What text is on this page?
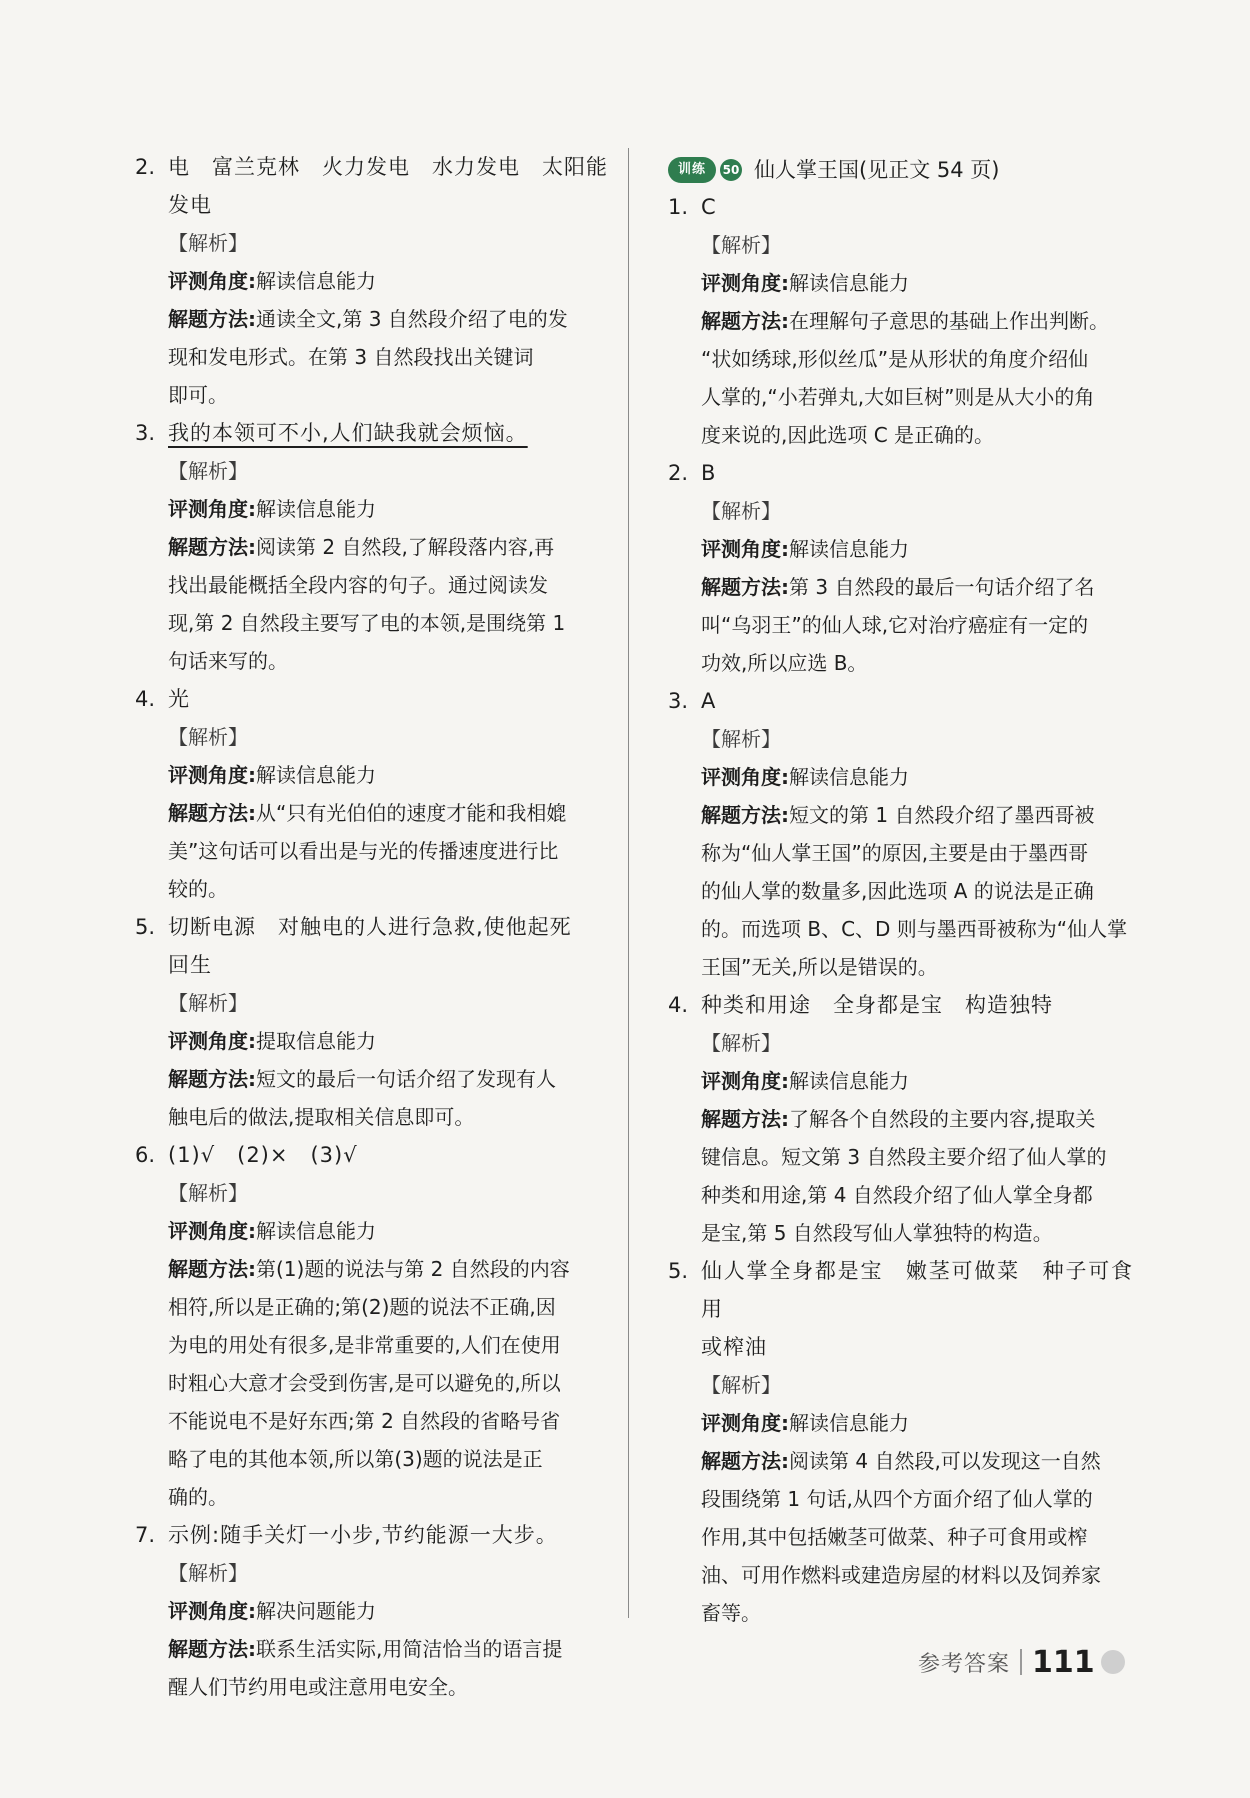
2. 电　富兰克林　火力发电　水力发电　太阳能
发电
【解析】
评测角度:解读信息能力
解题方法:通读全文,第 3 自然段介绍了电的发
现和发电形式。在第 3 自然段找出关键词
即可。
3. 我的本领可不小,人们缺我就会烦恼。

【解析】
评测角度:解读信息能力
解题方法:阅读第 2 自然段,了解段落内容,再
找出最能概括全段内容的句子。通过阅读发
现,第 2 自然段主要写了电的本领,是围绕第 1
句话来写的。
4. 光
【解析】
评测角度:解读信息能力
解题方法:从“只有光伯伯的速度才能和我相媲
美”这句话可以看出是与光的传播速度进行比
较的。
5. 切断电源　对触电的人进行急救,使他起死
回生
【解析】
评测角度:提取信息能力
解题方法:短文的最后一句话介绍了发现有人
触电后的做法,提取相关信息即可。
6. (1)√　(2)×　(3)√
【解析】
评测角度:解读信息能力
解题方法:第(1)题的说法与第 2 自然段的内容
相符,所以是正确的;第(2)题的说法不正确,因
为电的用处有很多,是非常重要的,人们在使用
时粗心大意才会受到伤害,是可以避免的,所以
不能说电不是好东西;第 2 自然段的省略号省
略了电的其他本领,所以第(3)题的说法是正
确的。
7. 示例:随手关灯一小步,节约能源一大步。
【解析】
评测角度:解决问题能力
解题方法:联系生活实际,用简洁恰当的语言提
醒人们节约用电或注意用电安全。
训练	50 仙人掌王国(见正文 54 页)
1. C
【解析】
评测角度:解读信息能力
解题方法:在理解句子意思的基础上作出判断。
“状如绣球,形似丝瓜”是从形状的角度介绍仙
人掌的,“小若弹丸,大如巨树”则是从大小的角
度来说的,因此选项 C 是正确的。
2. B
【解析】
评测角度:解读信息能力
解题方法:第 3 自然段的最后一句话介绍了名
叫“乌羽王”的仙人球,它对治疗癌症有一定的
功效,所以应选 B。
3. A
【解析】
评测角度:解读信息能力
解题方法:短文的第 1 自然段介绍了墨西哥被
称为“仙人掌王国”的原因,主要是由于墨西哥
的仙人掌的数量多,因此选项 A 的说法是正确
的。而选项 B、C、D 则与墨西哥被称为“仙人掌
王国”无关,所以是错误的。
4. 种类和用途　全身都是宝　构造独特
【解析】
评测角度:解读信息能力
解题方法:了解各个自然段的主要内容,提取关
键信息。短文第 3 自然段主要介绍了仙人掌的
种类和用途,第 4 自然段介绍了仙人掌全身都
是宝,第 5 自然段写仙人掌独特的构造。
5. 仙人掌全身都是宝　嫩茎可做菜　种子可食用
或榨油
【解析】
评测角度:解读信息能力
解题方法:阅读第 4 自然段,可以发现这一自然
段围绕第 1 句话,从四个方面介绍了仙人掌的
作用,其中包括嫩茎可做菜、种子可食用或榨
油、可用作燃料或建造房屋的材料以及饲养家
畜等。
参考答案 111
